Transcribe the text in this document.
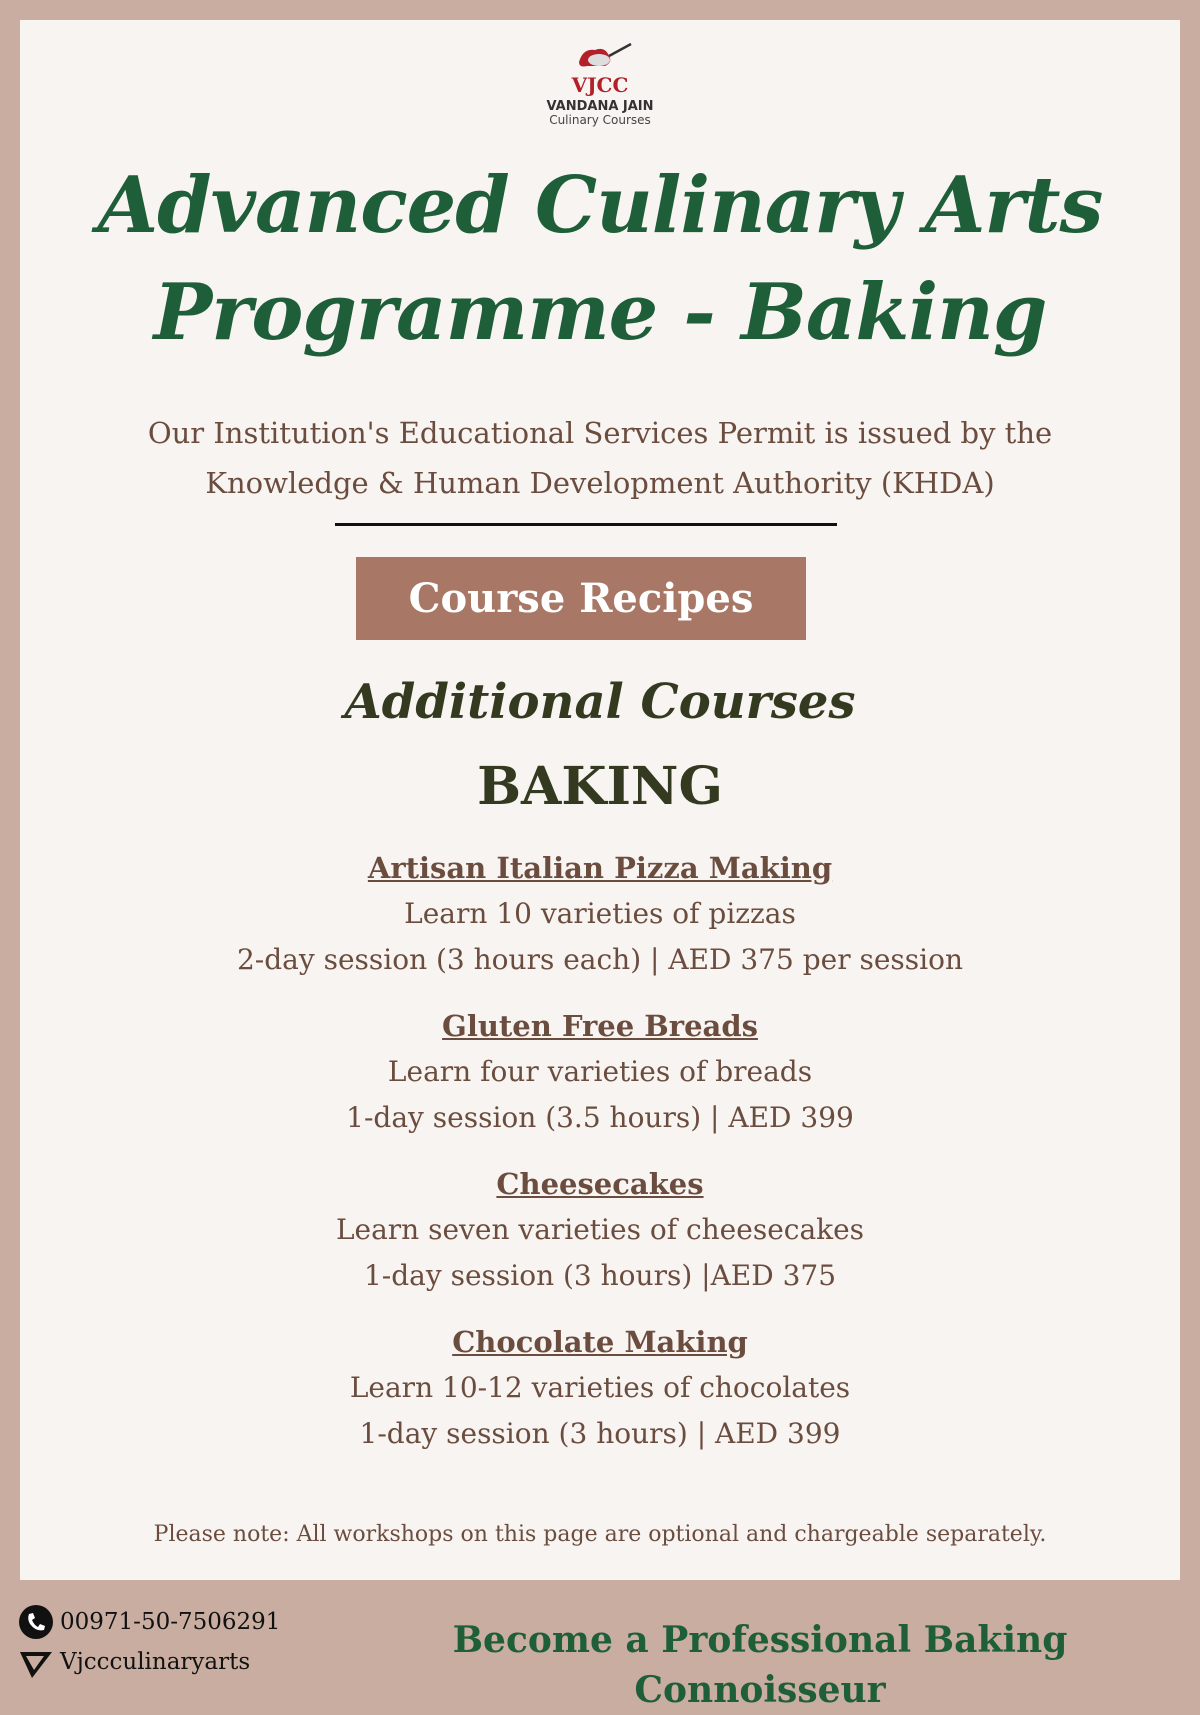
VJCC
VANDANA JAIN
Culinary Courses
Advanced Culinary Arts
Programme - Baking
Our Institution's Educational Services Permit is issued by the
Knowledge & Human Development Authority (KHDA)
Course Recipes
Additional Courses
BAKING
Artisan Italian Pizza Making
Learn 10 varieties of pizzas
2-day session (3 hours each) | AED 375 per session
Gluten Free Breads
Learn four varieties of breads
1-day session (3.5 hours) | AED 399
Cheesecakes
Learn seven varieties of cheesecakes
1-day session (3 hours) |AED 375
Chocolate Making
Learn 10-12 varieties of chocolates
1-day session (3 hours) | AED 399
Please note: All workshops on this page are optional and chargeable separately.
00971-50-7506291
Vjccculinaryarts
Become a Professional Baking Connoisseur
